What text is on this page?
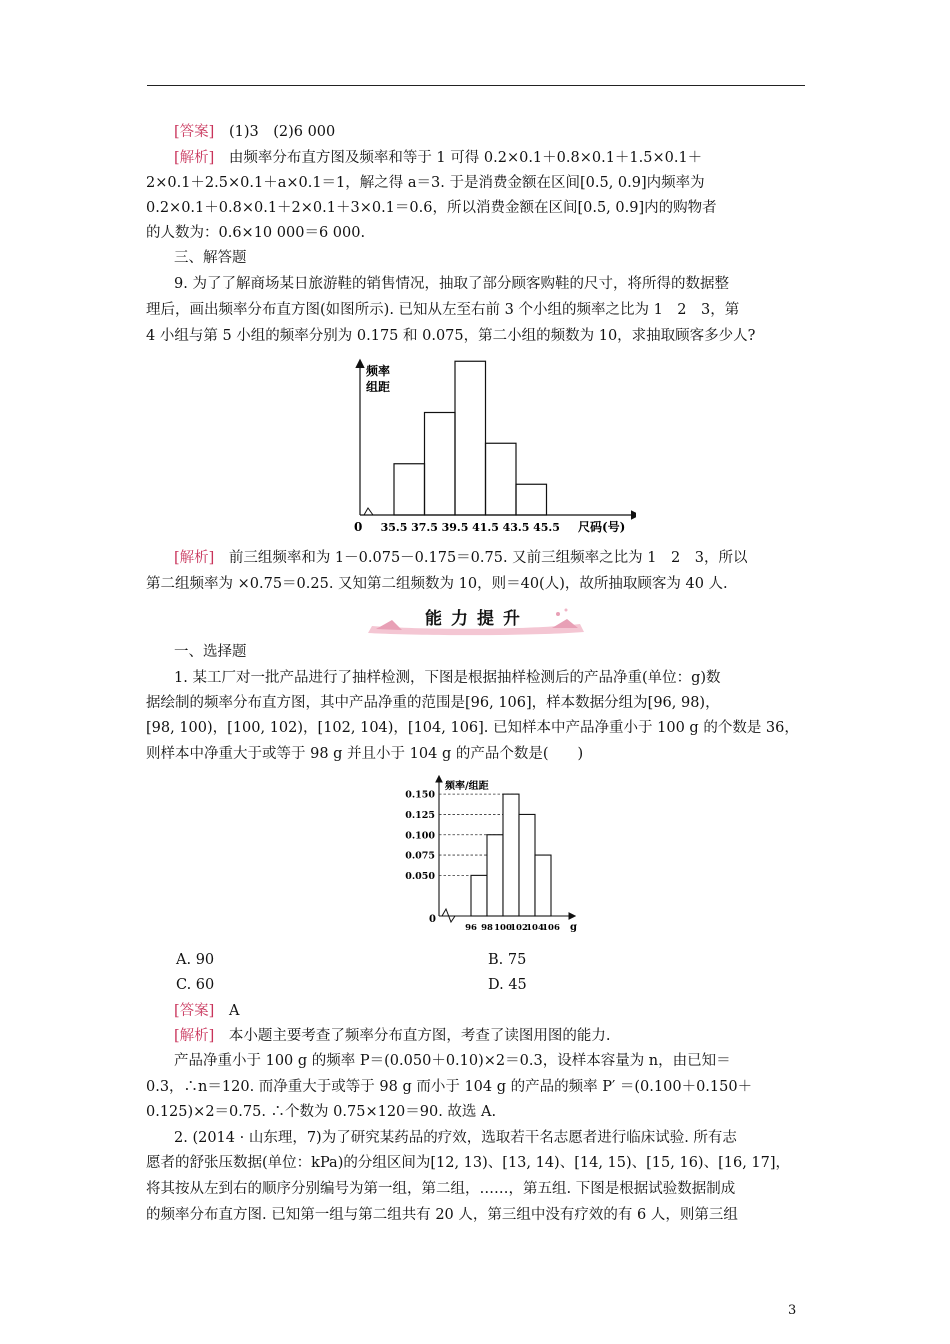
[答案] (1)3　(2)6 000
[解析]　由频率分布直方图及频率和等于 1 可得 0.2×0.1＋0.8×0.1＋1.5×0.1＋
2×0.1＋2.5×0.1＋a×0.1＝1，解之得 a＝3. 于是消费金额在区间[0.5, 0.9]内频率为
0.2×0.1＋0.8×0.1＋2×0.1＋3×0.1＝0.6，所以消费金额在区间[0.5, 0.9]内的购物者
的人数为：0.6×10 000＝6 000.
三、解答题
9. 为了了解商场某日旅游鞋的销售情况，抽取了部分顾客购鞋的尺寸，将所得的数据整
理后，画出频率分布直方图(如图所示). 已知从左至右前 3 个小组的频率之比为 1　2　3，第
4 小组与第 5 小组的频率分别为 0.175 和 0.075，第二小组的频数为 10，求抽取顾客多少人?
频率
组距
0	尺码(号)
35.5 37.5 39.5 41.5 43.5 45.5
[解析]　前三组频率和为 1－0.075－0.175＝0.75. 又前三组频率之比为 1　2　3，所以
第二组频率为 ×0.75＝0.25. 又知第二组频数为 10，则＝40(人)，故所抽取顾客为 40 人.
能力提升
一、选择题
1. 某工厂对一批产品进行了抽样检测，下图是根据抽样检测后的产品净重(单位：g)数
据绘制的频率分布直方图，其中产品净重的范围是[96, 106]，样本数据分组为[96, 98)，
[98, 100)，[100, 102)，[102, 104)，[104, 106]. 已知样本中产品净重小于 100 g 的个数是 36，
则样本中净重大于或等于 98 g 并且小于 104 g 的产品个数是(　　)
频率/组距
0
g
0.050
0.075
0.100
0.125
0.150
96 98 100
102
104
106
A. 90	B. 75
C. 60	D. 45
[答案] A
[解析]　本小题主要考查了频率分布直方图，考查了读图用图的能力.
产品净重小于 100 g 的频率 P＝(0.050＋0.10)×2＝0.3，设样本容量为 n，由已知＝
0.3，∴n＝120. 而净重大于或等于 98 g 而小于 104 g 的产品的频率 P′ ＝(0.100＋0.150＋
0.125)×2＝0.75. ∴个数为 0.75×120＝90. 故选 A.
2. (2014 · 山东理，7)为了研究某药品的疗效，选取若干名志愿者进行临床试验. 所有志
愿者的舒张压数据(单位：kPa)的分组区间为[12, 13)、[13, 14)、[14, 15)、[15, 16)、[16, 17]，
将其按从左到右的顺序分别编号为第一组，第二组，……，第五组. 下图是根据试验数据制成
的频率分布直方图. 已知第一组与第二组共有 20 人，第三组中没有疗效的有 6 人，则第三组
3
